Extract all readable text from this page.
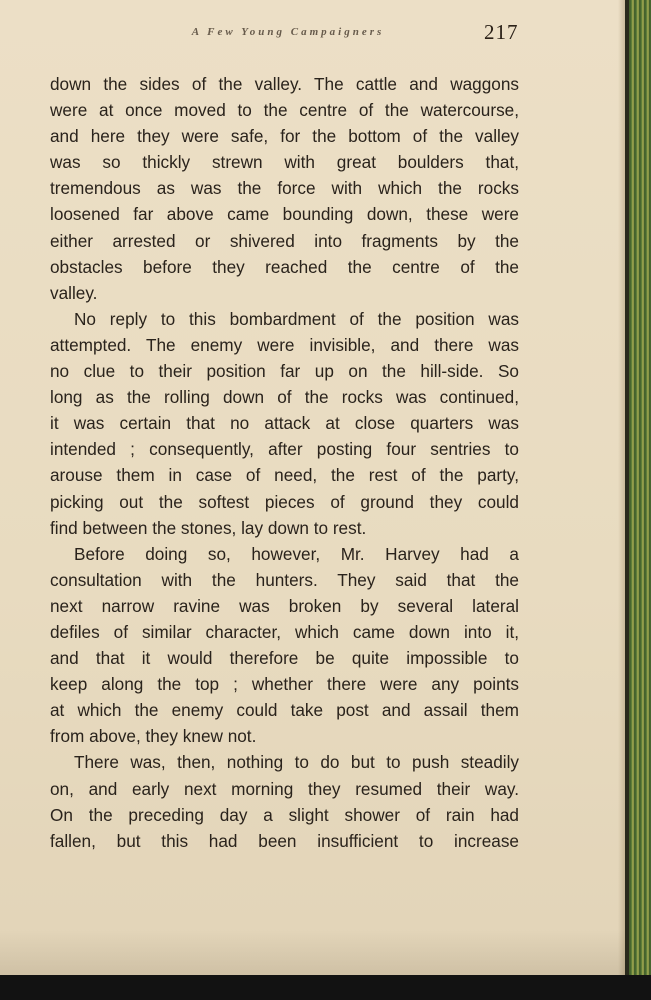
A Few Young Campaigners	217
down the sides of the valley. The cattle and waggons
were at once moved to the centre of the watercourse,
and here they were safe, for the bottom of the valley
was so thickly strewn with great boulders that,
tremendous as was the force with which the rocks
loosened far above came bounding down, these were
either arrested or shivered into fragments by the
obstacles before they reached the centre of the
valley.
No reply to this bombardment of the position was
attempted. The enemy were invisible, and there was
no clue to their position far up on the hill-side. So
long as the rolling down of the rocks was continued,
it was certain that no attack at close quarters was
intended ; consequently, after posting four sentries to
arouse them in case of need, the rest of the party,
picking out the softest pieces of ground they could
find between the stones, lay down to rest.
Before doing so, however, Mr. Harvey had a
consultation with the hunters. They said that the
next narrow ravine was broken by several lateral
defiles of similar character, which came down into it,
and that it would therefore be quite impossible to
keep along the top ; whether there were any points
at which the enemy could take post and assail them
from above, they knew not.
There was, then, nothing to do but to push steadily
on, and early next morning they resumed their way.
On the preceding day a slight shower of rain had
fallen, but this had been insufficient to increase
